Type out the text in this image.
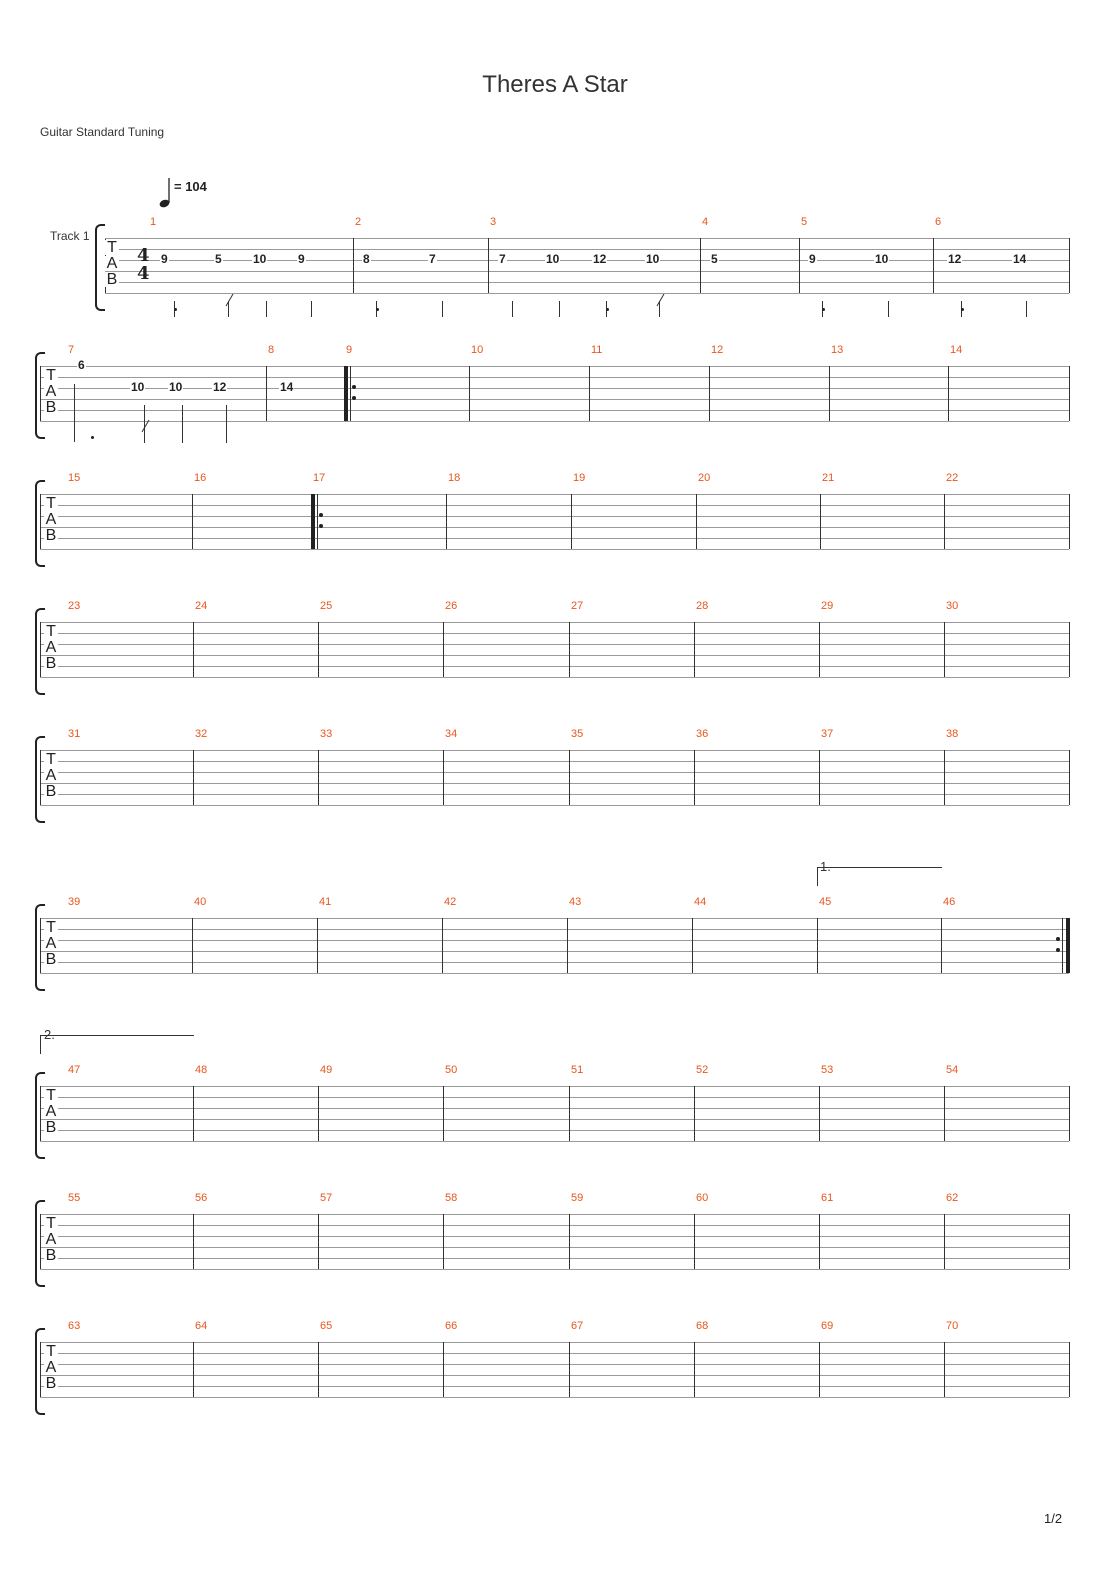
Theres A Star
Guitar Standard Tuning
= 104
Track 1
T
A
B
1	2	3	4	5	6
T
A
B
7	8	9	10	11	12	13	14
T
A
B
15	16	17	18	19	20	21	22
T
A
B
23	24	25	26	27	28	29	30
T
A
B
31	32	33	34	35	36	37	38
T
A
B
39	40	41	42	43	44	45	46
T
A
B
47	48	49	50	51	52	53	54
T
A
B
55	56	57	58	59	60	61	62
T
A
B
63	64	65	66	67	68	69	70
4
4
9	5	10	9	8	7	7	10	12	10	5	9	10	12	14
6
10 10	12	14
1.
2.
1/2
